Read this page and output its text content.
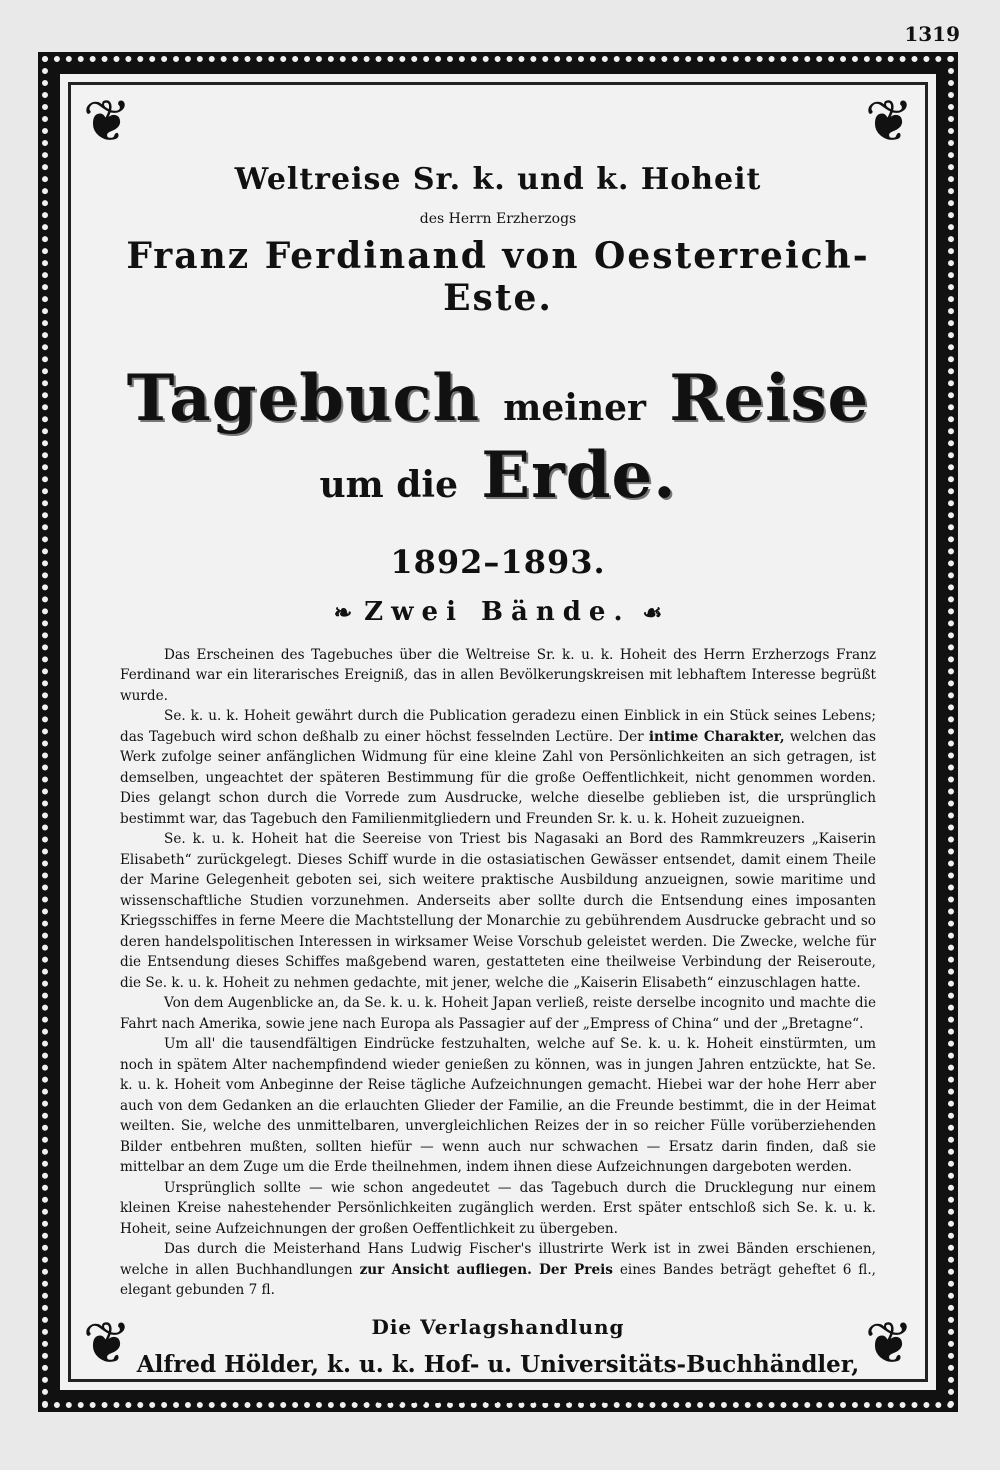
1319
❦	❦
❦	❦
Weltreise Sr. k. und k. Hoheit
des Herrn Erzherzogs
Franz Ferdinand von Oesterreich-Este.
Tagebuch meiner Reise um die Erde.
1892–1893.
❧ Zwei Bände. ☙

Das Erscheinen des Tagebuches über die Weltreise Sr. k. u. k. Hoheit des Herrn Erzherzogs Franz Ferdinand war ein literarisches Ereigniß, das in allen Bevölkerungskreisen mit lebhaftem Interesse begrüßt wurde.

Se. k. u. k. Hoheit gewährt durch die Publication geradezu einen Einblick in ein Stück seines Lebens; das Tagebuch wird schon deßhalb zu einer höchst fesselnden Lectüre. Der intime Charakter, welchen das Werk zufolge seiner anfänglichen Widmung für eine kleine Zahl von Persönlichkeiten an sich getragen, ist demselben, ungeachtet der späteren Bestimmung für die große Oeffentlichkeit, nicht genommen worden. Dies gelangt schon durch die Vorrede zum Ausdrucke, welche dieselbe geblieben ist, die ursprünglich bestimmt war, das Tagebuch den Familienmitgliedern und Freunden Sr. k. u. k. Hoheit zuzueignen.

Se. k. u. k. Hoheit hat die Seereise von Triest bis Nagasaki an Bord des Rammkreuzers „Kaiserin Elisabeth“ zurückgelegt. Dieses Schiff wurde in die ostasiatischen Gewässer entsendet, damit einem Theile der Marine Gelegenheit geboten sei, sich weitere praktische Ausbildung anzueignen, sowie maritime und wissenschaftliche Studien vorzunehmen. Anderseits aber sollte durch die Entsendung eines imposanten Kriegsschiffes in ferne Meere die Machtstellung der Monarchie zu gebührendem Ausdrucke gebracht und so deren handelspolitischen Interessen in wirksamer Weise Vorschub geleistet werden. Die Zwecke, welche für die Entsendung dieses Schiffes maßgebend waren, gestatteten eine theilweise Verbindung der Reiseroute, die Se. k. u. k. Hoheit zu nehmen gedachte, mit jener, welche die „Kaiserin Elisabeth“ einzuschlagen hatte.

Von dem Augenblicke an, da Se. k. u. k. Hoheit Japan verließ, reiste derselbe incognito und machte die Fahrt nach Amerika, sowie jene nach Europa als Passagier auf der „Empress of China“ und der „Bretagne“.

Um all' die tausendfältigen Eindrücke festzuhalten, welche auf Se. k. u. k. Hoheit einstürmten, um noch in spätem Alter nachempfindend wieder genießen zu können, was in jungen Jahren entzückte, hat Se. k. u. k. Hoheit vom Anbeginne der Reise tägliche Aufzeichnungen gemacht. Hiebei war der hohe Herr aber auch von dem Gedanken an die erlauchten Glieder der Familie, an die Freunde bestimmt, die in der Heimat weilten. Sie, welche des unmittelbaren, unvergleichlichen Reizes der in so reicher Fülle vorüberziehenden Bilder entbehren mußten, sollten hiefür — wenn auch nur schwachen — Ersatz darin finden, daß sie mittelbar an dem Zuge um die Erde theilnehmen, indem ihnen diese Aufzeichnungen dargeboten werden.

Ursprünglich sollte — wie schon angedeutet — das Tagebuch durch die Drucklegung nur einem kleinen Kreise nahestehender Persönlichkeiten zugänglich werden. Erst später entschloß sich Se. k. u. k. Hoheit, seine Aufzeichnungen der großen Oeffentlichkeit zu übergeben.

Das durch die Meisterhand Hans Ludwig Fischer's illustrirte Werk ist in zwei Bänden erschienen, welche in allen Buchhandlungen zur Ansicht aufliegen. Der Preis eines Bandes beträgt geheftet 6 fl., elegant gebunden 7 fl.

Die Verlagshandlung
Alfred Hölder, k. u. k. Hof- u. Universitäts-Buchhändler,
Wien, I., Rothenthurmstraße 15.
